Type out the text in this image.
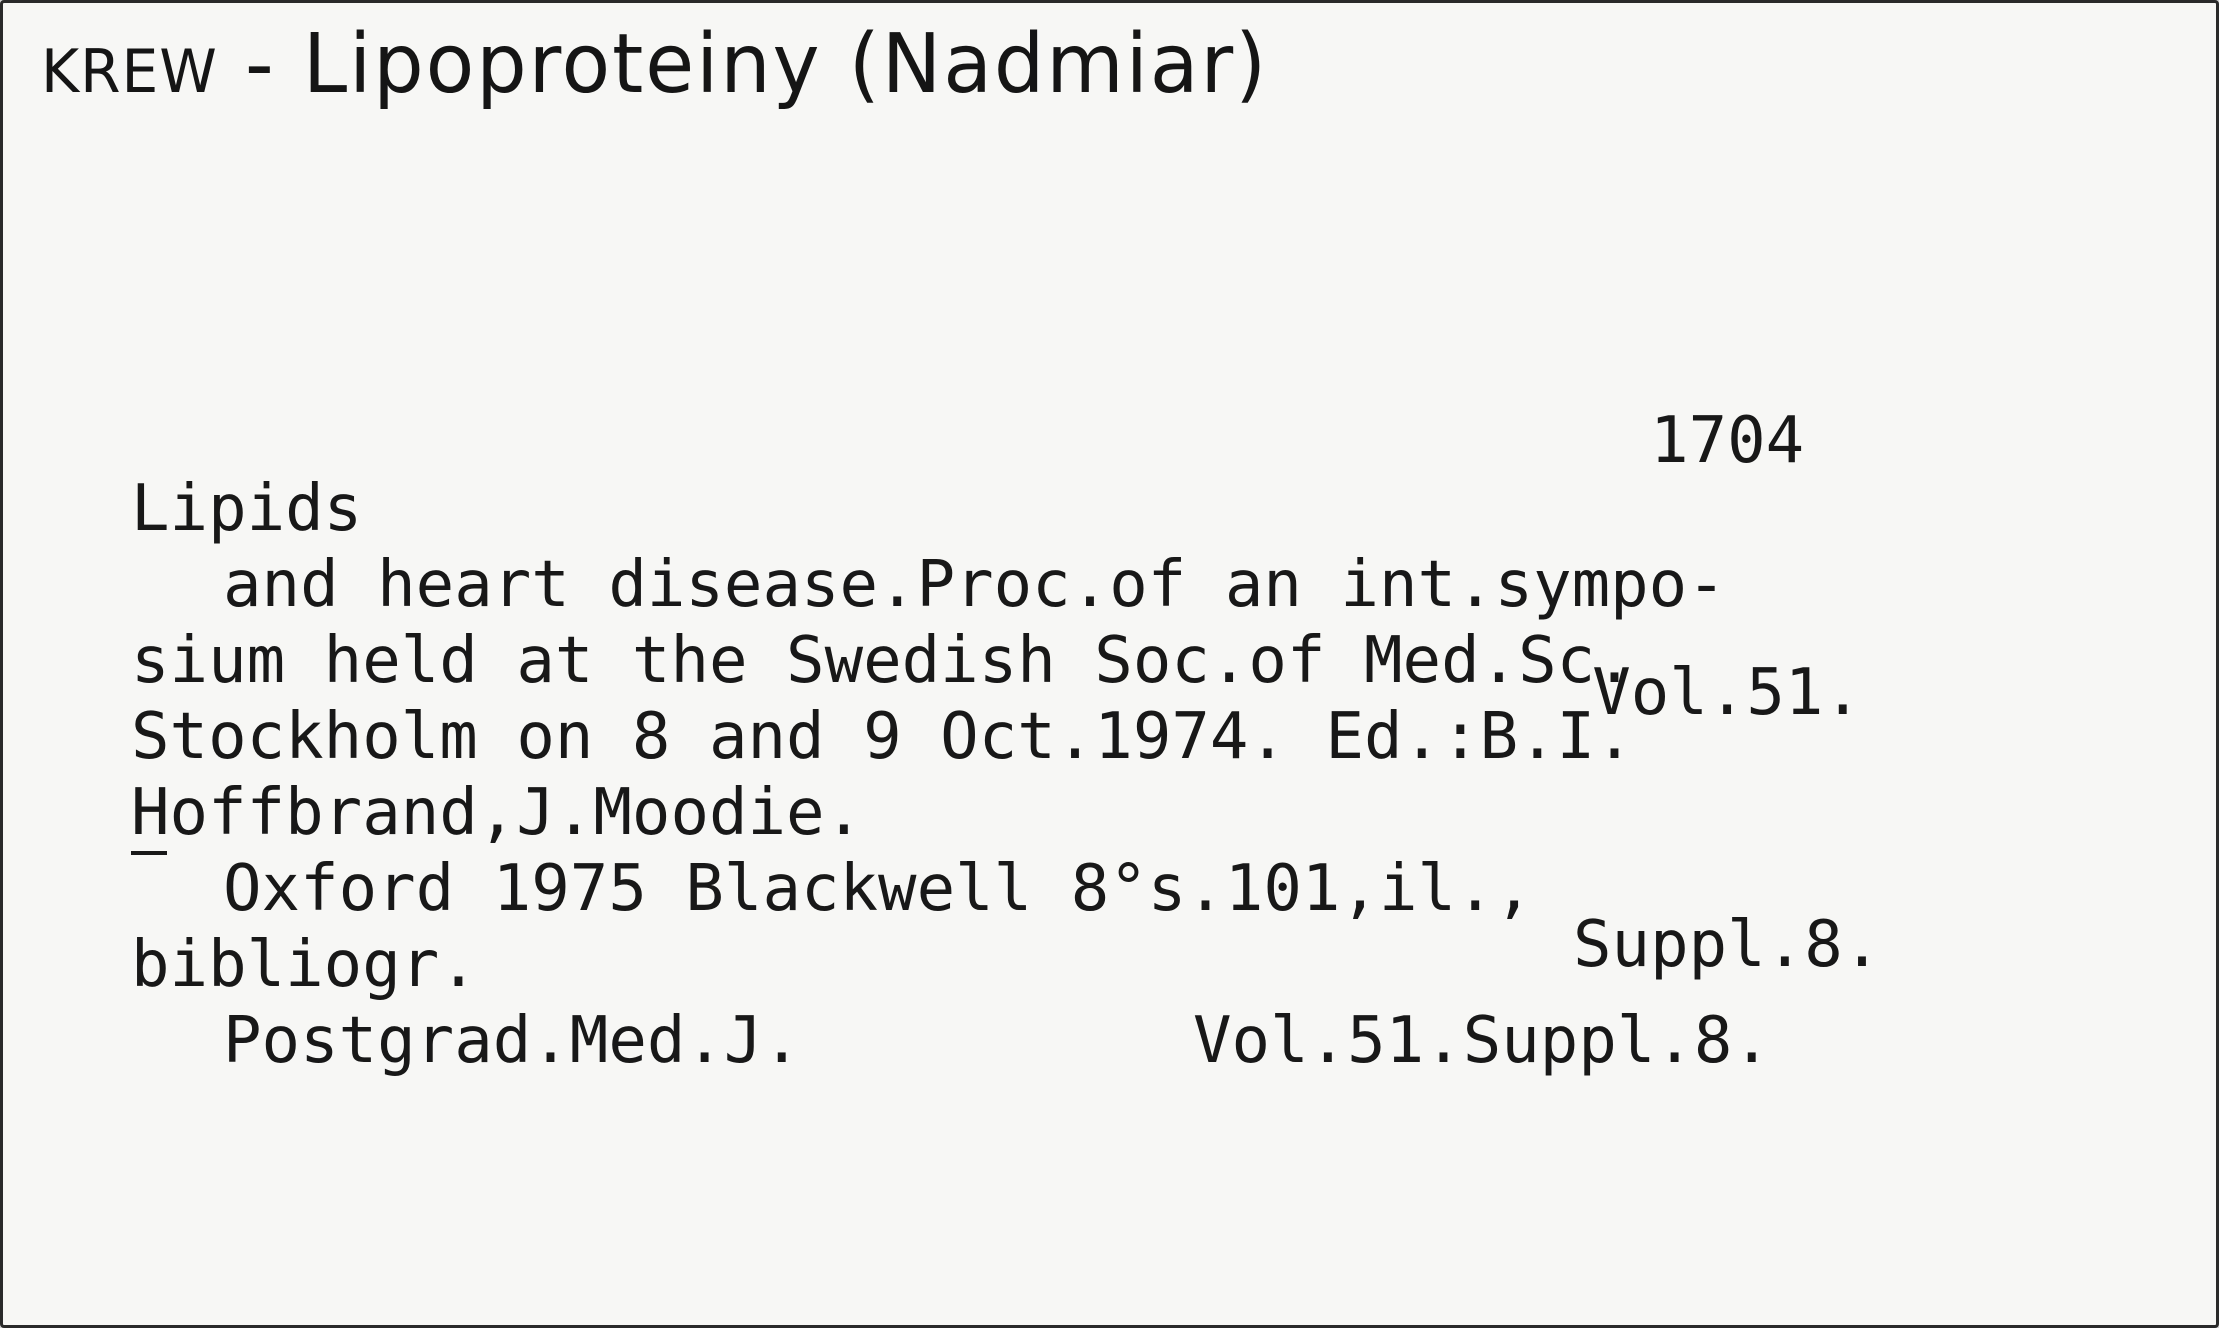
KREW - Lipoproteiny (Nadmiar)

1704

Vol.51.

Suppl.8.

Lipids
and heart disease.Proc.of an int.sympo-
sium held at the Swedish Soc.of Med.Sc.
Stockholm on 8 and 9 Oct.1974. Ed.:B.I.
Hoffbrand,J.Moodie.
Oxford 1975 Blackwell 8°s.101,il.,
bibliogr.
Postgrad.Med.J.	Vol.51.Suppl.8.
